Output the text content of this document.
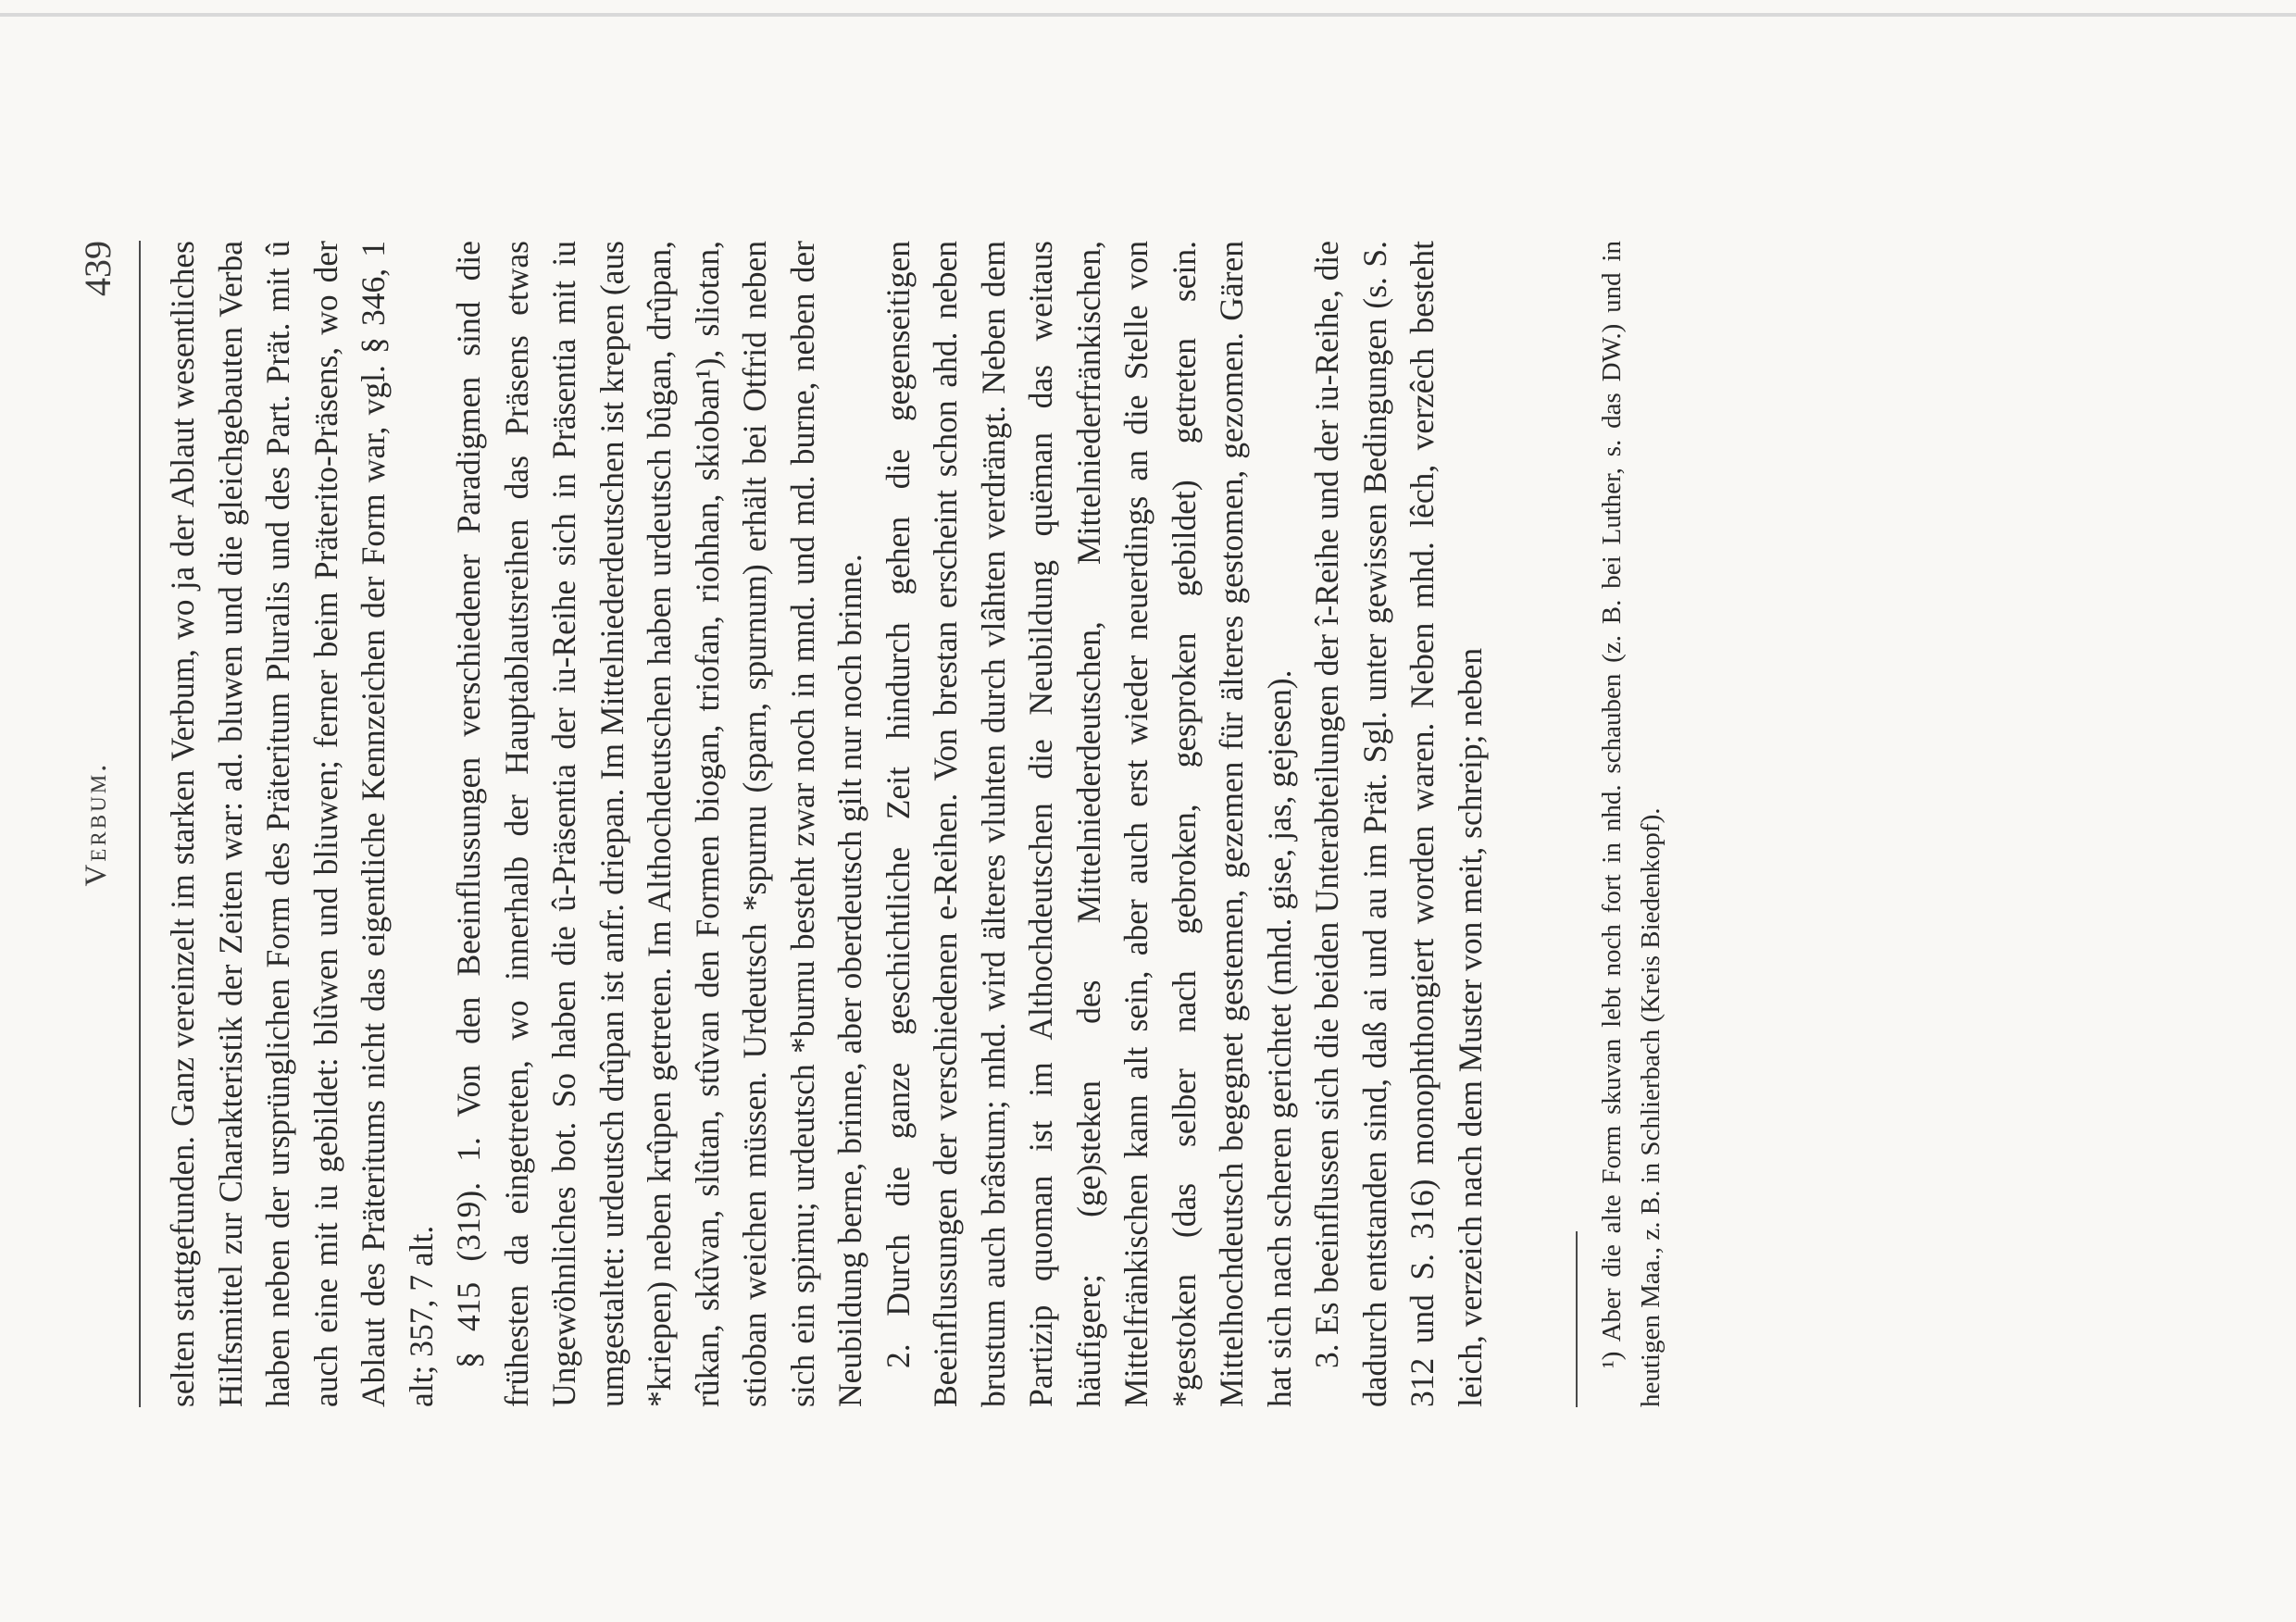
Verbum.
439 selten stattgefunden. Ganz vereinzelt im starken Verbum, wo ja der Ablaut wesentliches Hilfsmittel zur Charakteristik der Zeiten war: ad. bluwen und die gleichgebauten Verba haben neben der ursprünglichen Form des Präteritum Pluralis und des Part. Prät. mit û auch eine mit iu gebildet: blûwen und bliuwen; ferner beim Präterito-Präsens, wo der Ablaut des Präteritums nicht das eigentliche Kennzeichen der Form war, vgl. § 346, 1 alt; 357, 7 alt. § 415 (319). 1. Von den Beeinflussungen verschiedener Paradigmen sind die frühesten da eingetreten, wo innerhalb der Hauptablautsreihen das Präsens etwas Ungewöhnliches bot. So haben die û-Präsentia der iu-Reihe sich in Präsentia mit iu umgestaltet: urdeutsch drûpan ist anfr. driepan. Im Mittelniederdeutschen ist krepen (aus *kriepen) neben krûpen getreten. Im Althochdeutschen haben urdeutsch bûgan, drûpan, rûkan, skûvan, slûtan, stûvan den Formen biogan, triofan, riohhan, skioban¹), sliotan, stioban weichen müssen. Urdeutsch *spurnu (sparn, spurnum) erhält bei Otfrid neben sich ein spirnu; urdeutsch *burnu besteht zwar noch in mnd. und md. burne, neben der Neubildung berne, brinne, aber oberdeutsch gilt nur noch brinne. 2. Durch die ganze geschichtliche Zeit hindurch gehen die gegenseitigen Beeinflussungen der verschiedenen e-Reihen. Von brestan erscheint schon ahd. neben brustum auch brâstum; mhd. wird älteres vluhten durch vlâhten verdrängt. Neben dem Partizip quoman ist im Althochdeutschen die Neubildung quëman das weitaus häufigere; (ge)steken des Mittelniederdeutschen, Mittelniederfränkischen, Mittelfränkischen kann alt sein, aber auch erst wieder neuerdings an die Stelle von *gestoken (das selber nach gebroken, gesproken gebildet) getreten sein. Mittelhochdeutsch begegnet gestemen, gezemen für älteres gestomen, gezomen. Gären hat sich nach scheren gerichtet (mhd. gise, jas, gejesen). 3. Es beeinflussen sich die beiden Unterabteilungen der î-Reihe und der iu-Reihe, die dadurch entstanden sind, daß ai und au im Prät. Sgl. unter gewissen Bedingungen (s. S. 312 und S. 316) monophthongiert worden waren. Neben mhd. lêch, verzêch besteht leich, verzeich nach dem Muster von meit, schreip; neben	¹) Aber die alte Form skuvan lebt noch fort in nhd. schauben (z. B. bei Luther, s. das DW.) und in heutigen Maa., z. B. in Schlierbach (Kreis Biedenkopf).
